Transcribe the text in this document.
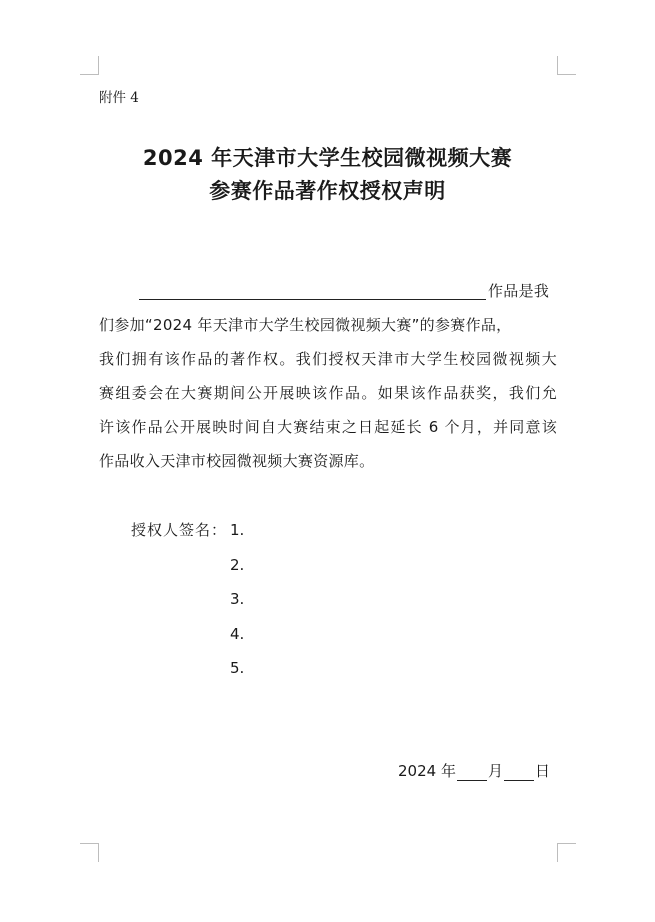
附件 4
2024 年天津市大学生校园微视频大赛
参赛作品著作权授权声明
作品是我
们参加“2024 年天津市大学生校园微视频大赛”的参赛作品，
我们拥有该作品的著作权。我们授权天津市大学生校园微视频大
赛组委会在大赛期间公开展映该作品。如果该作品获奖，我们允
许该作品公开展映时间自大赛结束之日起延长 6 个月，并同意该
作品收入天津市校园微视频大赛资源库。
授权人签名： 1.
2.
3.
4.
5.
2024 年 月 日
